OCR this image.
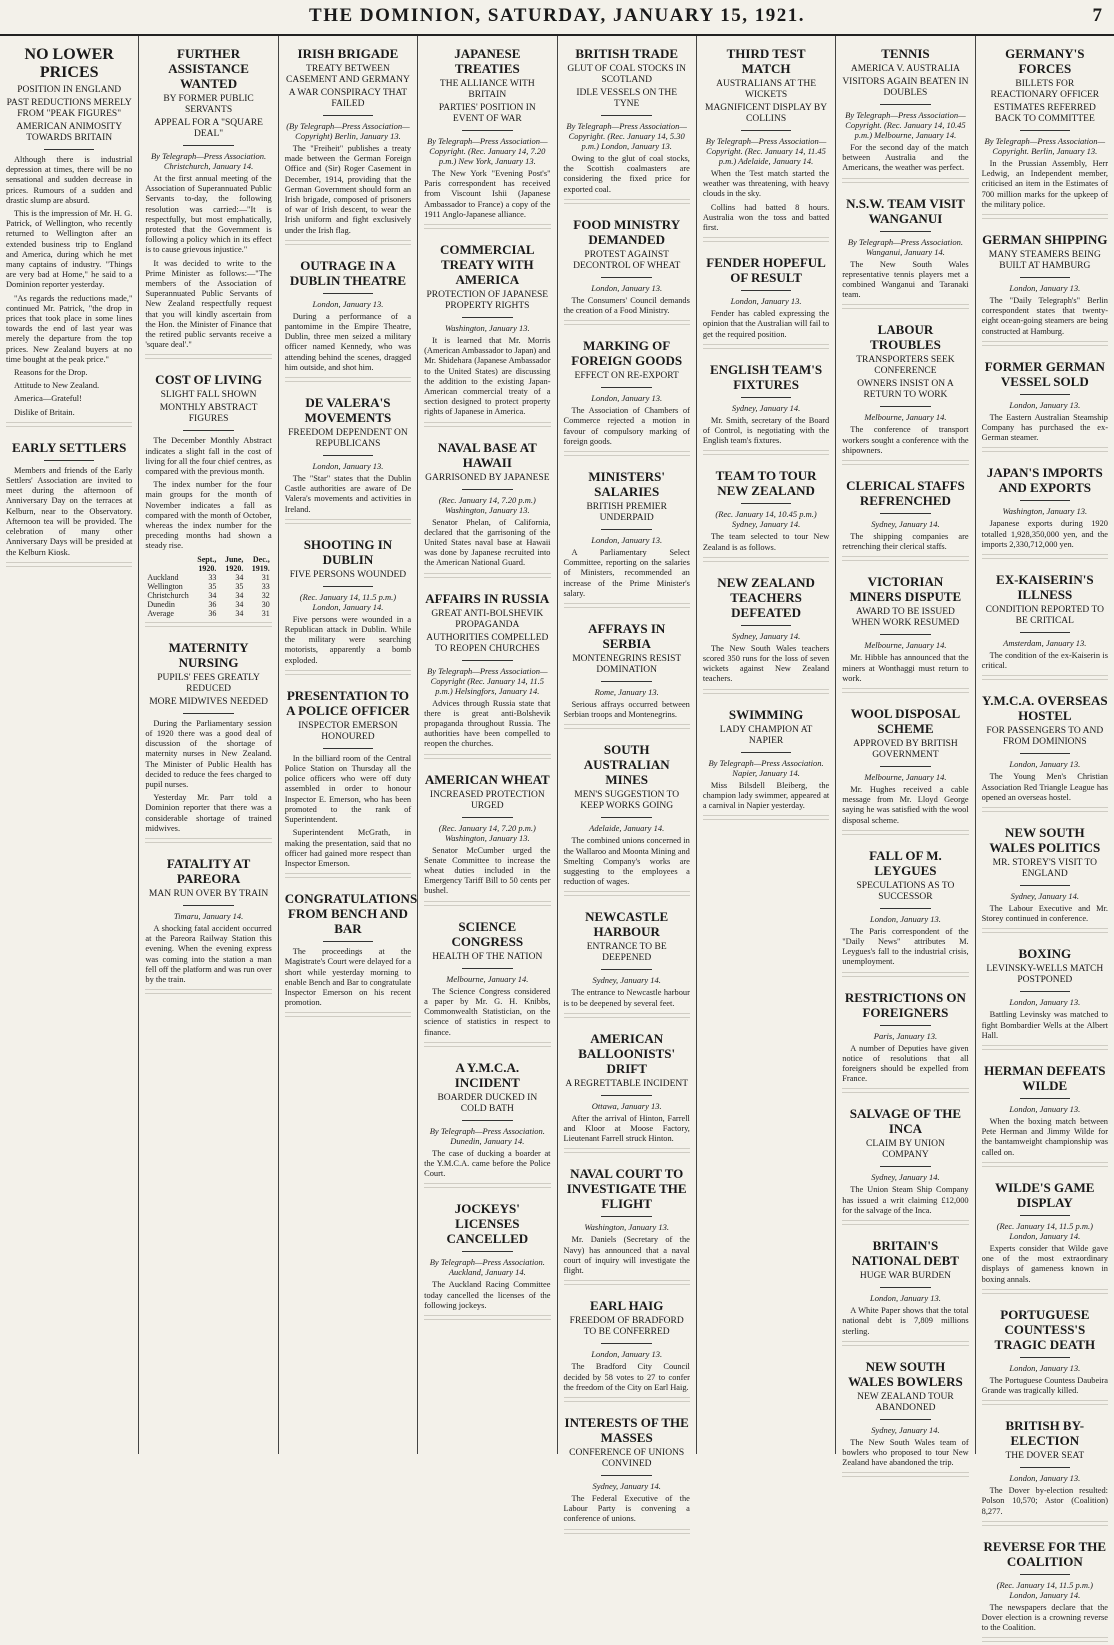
THE DOMINION, SATURDAY, JANUARY 15, 1921.	7
NO LOWER PRICES
POSITION IN ENGLAND
PAST REDUCTIONS MERELY FROM "PEAK FIGURES"
AMERICAN ANIMOSITY TOWARDS BRITAIN

Although there is industrial depression at times, there will be no sensational and sudden decrease in prices. Rumours of a sudden and drastic slump are absurd.

This is the impression of Mr. H. G. Patrick, of Wellington, who recently returned to Wellington after an extended business trip to England and America, during which he met many captains of industry. "Things are very bad at Home," he said to a Dominion reporter yesterday.

"As regards the reductions made," continued Mr. Patrick, "the drop in prices that took place in some lines towards the end of last year was merely the departure from the top prices. New Zealand buyers at no time bought at the peak price."

Reasons for the Drop.

Attitude to New Zealand.

America—Grateful!

Dislike of Britain.

EARLY SETTLERS

Members and friends of the Early Settlers' Association are invited to meet during the afternoon of Anniversary Day on the terraces at Kelburn, near to the Observatory. Afternoon tea will be provided. The celebration of many other Anniversary Days will be presided at the Kelburn Kiosk.

FURTHER ASSISTANCE WANTED
BY FORMER PUBLIC SERVANTS
APPEAL FOR A "SQUARE DEAL"
By Telegraph—Press Association. Christchurch, January 14.

At the first annual meeting of the Association of Superannuated Public Servants to-day, the following resolution was carried:—"It is respectfully, but most emphatically, protested that the Government is following a policy which in its effect is to cause grievous injustice."

It was decided to write to the Prime Minister as follows:—"The members of the Association of Superannuated Public Servants of New Zealand respectfully request that you will kindly ascertain from the Hon. the Minister of Finance that the retired public servants receive a 'square deal'."

COST OF LIVING
SLIGHT FALL SHOWN
MONTHLY ABSTRACT FIGURES

The December Monthly Abstract indicates a slight fall in the cost of living for all the four chief centres, as compared with the previous month.

The index number for the four main groups for the month of November indicates a fall as compared with the month of October, whereas the index number for the preceding months had shown a steady rise.

	Sept., 1920.	June, 1920.	Dec., 1919.
Auckland	33	34	31
Wellington	35	35	33
Christchurch	34	34	32
Dunedin	36	34	30
Average	36	34	31
MATERNITY NURSING
PUPILS' FEES GREATLY REDUCED
MORE MIDWIVES NEEDED

During the Parliamentary session of 1920 there was a good deal of discussion of the shortage of maternity nurses in New Zealand. The Minister of Public Health has decided to reduce the fees charged to pupil nurses.

Yesterday Mr. Parr told a Dominion reporter that there was a considerable shortage of trained midwives.

FATALITY AT PAREORA
MAN RUN OVER BY TRAIN
Timaru, January 14.

A shocking fatal accident occurred at the Pareora Railway Station this evening. When the evening express was coming into the station a man fell off the platform and was run over by the train.

IRISH BRIGADE
TREATY BETWEEN CASEMENT AND GERMANY
A WAR CONSPIRACY THAT FAILED
(By Telegraph—Press Association—Copyright) Berlin, January 13.

The "Freiheit" publishes a treaty made between the German Foreign Office and (Sir) Roger Casement in December, 1914, providing that the German Government should form an Irish brigade, composed of prisoners of war of Irish descent, to wear the Irish uniform and fight exclusively under the Irish flag.

OUTRAGE IN A DUBLIN THEATRE
London, January 13.

During a performance of a pantomime in the Empire Theatre, Dublin, three men seized a military officer named Kennedy, who was attending behind the scenes, dragged him outside, and shot him.

DE VALERA'S MOVEMENTS
FREEDOM DEPENDENT ON REPUBLICANS
London, January 13.

The "Star" states that the Dublin Castle authorities are aware of De Valera's movements and activities in Ireland.

SHOOTING IN DUBLIN
FIVE PERSONS WOUNDED
(Rec. January 14, 11.5 p.m.) London, January 14.

Five persons were wounded in a Republican attack in Dublin. While the military were searching motorists, apparently a bomb exploded.

PRESENTATION TO A POLICE OFFICER
INSPECTOR EMERSON HONOURED

In the billiard room of the Central Police Station on Thursday all the police officers who were off duty assembled in order to honour Inspector E. Emerson, who has been promoted to the rank of Superintendent.

Superintendent McGrath, in making the presentation, said that no officer had gained more respect than Inspector Emerson.

CONGRATULATIONS FROM BENCH AND BAR

The proceedings at the Magistrate's Court were delayed for a short while yesterday morning to enable Bench and Bar to congratulate Inspector Emerson on his recent promotion.

JAPANESE TREATIES
THE ALLIANCE WITH BRITAIN
PARTIES' POSITION IN EVENT OF WAR
By Telegraph—Press Association—Copyright. (Rec. January 14, 7.20 p.m.) New York, January 13.

The New York "Evening Post's" Paris correspondent has received from Viscount Ishii (Japanese Ambassador to France) a copy of the 1911 Anglo-Japanese alliance.

COMMERCIAL TREATY WITH AMERICA
PROTECTION OF JAPANESE PROPERTY RIGHTS
Washington, January 13.

It is learned that Mr. Morris (American Ambassador to Japan) and Mr. Shidehara (Japanese Ambassador to the United States) are discussing the addition to the existing Japan-American commercial treaty of a section designed to protect property rights of Japanese in America.

NAVAL BASE AT HAWAII
GARRISONED BY JAPANESE
(Rec. January 14, 7.20 p.m.) Washington, January 13.

Senator Phelan, of California, declared that the garrisoning of the United States naval base at Hawaii was done by Japanese recruited into the American National Guard.

AFFAIRS IN RUSSIA
GREAT ANTI-BOLSHEVIK PROPAGANDA
AUTHORITIES COMPELLED TO REOPEN CHURCHES
By Telegraph—Press Association—Copyright (Rec. January 14, 11.5 p.m.) Helsingfors, January 14.

Advices through Russia state that there is great anti-Bolshevik propaganda throughout Russia. The authorities have been compelled to reopen the churches.

AMERICAN WHEAT
INCREASED PROTECTION URGED
(Rec. January 14, 7.20 p.m.) Washington, January 13.

Senator McCumber urged the Senate Committee to increase the wheat duties included in the Emergency Tariff Bill to 50 cents per bushel.

SCIENCE CONGRESS
HEALTH OF THE NATION
Melbourne, January 14.

The Science Congress considered a paper by Mr. G. H. Knibbs, Commonwealth Statistician, on the science of statistics in respect to finance.

A Y.M.C.A. INCIDENT
BOARDER DUCKED IN COLD BATH
By Telegraph—Press Association. Dunedin, January 14.

The case of ducking a boarder at the Y.M.C.A. came before the Police Court.

JOCKEYS' LICENSES CANCELLED
By Telegraph—Press Association. Auckland, January 14.

The Auckland Racing Committee today cancelled the licenses of the following jockeys.

BRITISH TRADE
GLUT OF COAL STOCKS IN SCOTLAND
IDLE VESSELS ON THE TYNE
By Telegraph—Press Association—Copyright. (Rec. January 14, 5.30 p.m.) London, January 13.

Owing to the glut of coal stocks, the Scottish coalmasters are considering the fixed price for exported coal.

FOOD MINISTRY DEMANDED
PROTEST AGAINST DECONTROL OF WHEAT
London, January 13.

The Consumers' Council demands the creation of a Food Ministry.

MARKING OF FOREIGN GOODS
EFFECT ON RE-EXPORT
London, January 13.

The Association of Chambers of Commerce rejected a motion in favour of compulsory marking of foreign goods.

MINISTERS' SALARIES
BRITISH PREMIER UNDERPAID
London, January 13.

A Parliamentary Select Committee, reporting on the salaries of Ministers, recommended an increase of the Prime Minister's salary.

AFFRAYS IN SERBIA
MONTENEGRINS RESIST DOMINATION
Rome, January 13.

Serious affrays occurred between Serbian troops and Montenegrins.

SOUTH AUSTRALIAN MINES
MEN'S SUGGESTION TO KEEP WORKS GOING
Adelaide, January 14.

The combined unions concerned in the Wallaroo and Moonta Mining and Smelting Company's works are suggesting to the employees a reduction of wages.

NEWCASTLE HARBOUR
ENTRANCE TO BE DEEPENED
Sydney, January 14.

The entrance to Newcastle harbour is to be deepened by several feet.

AMERICAN BALLOONISTS' DRIFT
A REGRETTABLE INCIDENT
Ottawa, January 13.

After the arrival of Hinton, Farrell and Kloor at Moose Factory, Lieutenant Farrell struck Hinton.

NAVAL COURT TO INVESTIGATE THE FLIGHT
Washington, January 13.

Mr. Daniels (Secretary of the Navy) has announced that a naval court of inquiry will investigate the flight.

EARL HAIG
FREEDOM OF BRADFORD TO BE CONFERRED
London, January 13.

The Bradford City Council decided by 58 votes to 27 to confer the freedom of the City on Earl Haig.

INTERESTS OF THE MASSES
CONFERENCE OF UNIONS CONVINED
Sydney, January 14.

The Federal Executive of the Labour Party is convening a conference of unions.

THIRD TEST MATCH
AUSTRALIANS AT THE WICKETS
MAGNIFICENT DISPLAY BY COLLINS
By Telegraph—Press Association—Copyright. (Rec. January 14, 11.45 p.m.) Adelaide, January 14.

When the Test match started the weather was threatening, with heavy clouds in the sky.

Collins had batted 8 hours. Australia won the toss and batted first.

FENDER HOPEFUL OF RESULT
London, January 13.

Fender has cabled expressing the opinion that the Australian will fail to get the required position.

ENGLISH TEAM'S FIXTURES
Sydney, January 14.

Mr. Smith, secretary of the Board of Control, is negotiating with the English team's fixtures.

TEAM TO TOUR NEW ZEALAND
(Rec. January 14, 10.45 p.m.) Sydney, January 14.

The team selected to tour New Zealand is as follows.

NEW ZEALAND TEACHERS DEFEATED
Sydney, January 14.

The New South Wales teachers scored 350 runs for the loss of seven wickets against New Zealand teachers.

SWIMMING
LADY CHAMPION AT NAPIER
By Telegraph—Press Association. Napier, January 14.

Miss Bilsdell Bleiberg, the champion lady swimmer, appeared at a carnival in Napier yesterday.

TENNIS
AMERICA V. AUSTRALIA
VISITORS AGAIN BEATEN IN DOUBLES
By Telegraph—Press Association—Copyright. (Rec. January 14, 10.45 p.m.) Melbourne, January 14.

For the second day of the match between Australia and the Americans, the weather was perfect.

N.S.W. TEAM VISIT WANGANUI
By Telegraph—Press Association. Wanganui, January 14.

The New South Wales representative tennis players met a combined Wanganui and Taranaki team.

LABOUR TROUBLES
TRANSPORTERS SEEK CONFERENCE
OWNERS INSIST ON A RETURN TO WORK
Melbourne, January 14.

The conference of transport workers sought a conference with the shipowners.

CLERICAL STAFFS REFRENCHED
Sydney, January 14.

The shipping companies are retrenching their clerical staffs.

VICTORIAN MINERS DISPUTE
AWARD TO BE ISSUED WHEN WORK RESUMED
Melbourne, January 14.

Mr. Hibble has announced that the miners at Wonthaggi must return to work.

WOOL DISPOSAL SCHEME
APPROVED BY BRITISH GOVERNMENT
Melbourne, January 14.

Mr. Hughes received a cable message from Mr. Lloyd George saying he was satisfied with the wool disposal scheme.

FALL OF M. LEYGUES
SPECULATIONS AS TO SUCCESSOR
London, January 13.

The Paris correspondent of the "Daily News" attributes M. Leygues's fall to the industrial crisis, unemployment.

RESTRICTIONS ON FOREIGNERS
Paris, January 13.

A number of Deputies have given notice of resolutions that all foreigners should be expelled from France.

SALVAGE OF THE INCA
CLAIM BY UNION COMPANY
Sydney, January 14.

The Union Steam Ship Company has issued a writ claiming £12,000 for the salvage of the Inca.

BRITAIN'S NATIONAL DEBT
HUGE WAR BURDEN
London, January 13.

A White Paper shows that the total national debt is 7,809 millions sterling.

NEW SOUTH WALES BOWLERS
NEW ZEALAND TOUR ABANDONED
Sydney, January 14.

The New South Wales team of bowlers who proposed to tour New Zealand have abandoned the trip.

GERMANY'S FORCES
BILLETS FOR REACTIONARY OFFICER
ESTIMATES REFERRED BACK TO COMMITTEE
By Telegraph—Press Association—Copyright. Berlin, January 13.

In the Prussian Assembly, Herr Ledwig, an Independent member, criticised an item in the Estimates of 700 million marks for the upkeep of the military police.

GERMAN SHIPPING
MANY STEAMERS BEING BUILT AT HAMBURG
London, January 13.

The "Daily Telegraph's" Berlin correspondent states that twenty-eight ocean-going steamers are being constructed at Hamburg.

FORMER GERMAN VESSEL SOLD
London, January 13.

The Eastern Australian Steamship Company has purchased the ex-German steamer.

JAPAN'S IMPORTS AND EXPORTS
Washington, January 13.

Japanese exports during 1920 totalled 1,928,350,000 yen, and the imports 2,330,712,000 yen.

EX-KAISERIN'S ILLNESS
CONDITION REPORTED TO BE CRITICAL
Amsterdam, January 13.

The condition of the ex-Kaiserin is critical.

Y.M.C.A. OVERSEAS HOSTEL
FOR PASSENGERS TO AND FROM DOMINIONS
London, January 13.

The Young Men's Christian Association Red Triangle League has opened an overseas hostel.

NEW SOUTH WALES POLITICS
MR. STOREY'S VISIT TO ENGLAND
Sydney, January 14.

The Labour Executive and Mr. Storey continued in conference.

BOXING
LEVINSKY-WELLS MATCH POSTPONED
London, January 13.

Battling Levinsky was matched to fight Bombardier Wells at the Albert Hall.

HERMAN DEFEATS WILDE
London, January 13.

When the boxing match between Pete Herman and Jimmy Wilde for the bantamweight championship was called on.

WILDE'S GAME DISPLAY
(Rec. January 14, 11.5 p.m.) London, January 14.

Experts consider that Wilde gave one of the most extraordinary displays of gameness known in boxing annals.

PORTUGUESE COUNTESS'S TRAGIC DEATH
London, January 13.

The Portuguese Countess Daubeira Grande was tragically killed.

BRITISH BY-ELECTION
THE DOVER SEAT
London, January 13.

The Dover by-election resulted: Polson 10,570; Astor (Coalition) 8,277.

REVERSE FOR THE COALITION
(Rec. January 14, 11.5 p.m.) London, January 14.

The newspapers declare that the Dover election is a crowning reverse to the Coalition.
